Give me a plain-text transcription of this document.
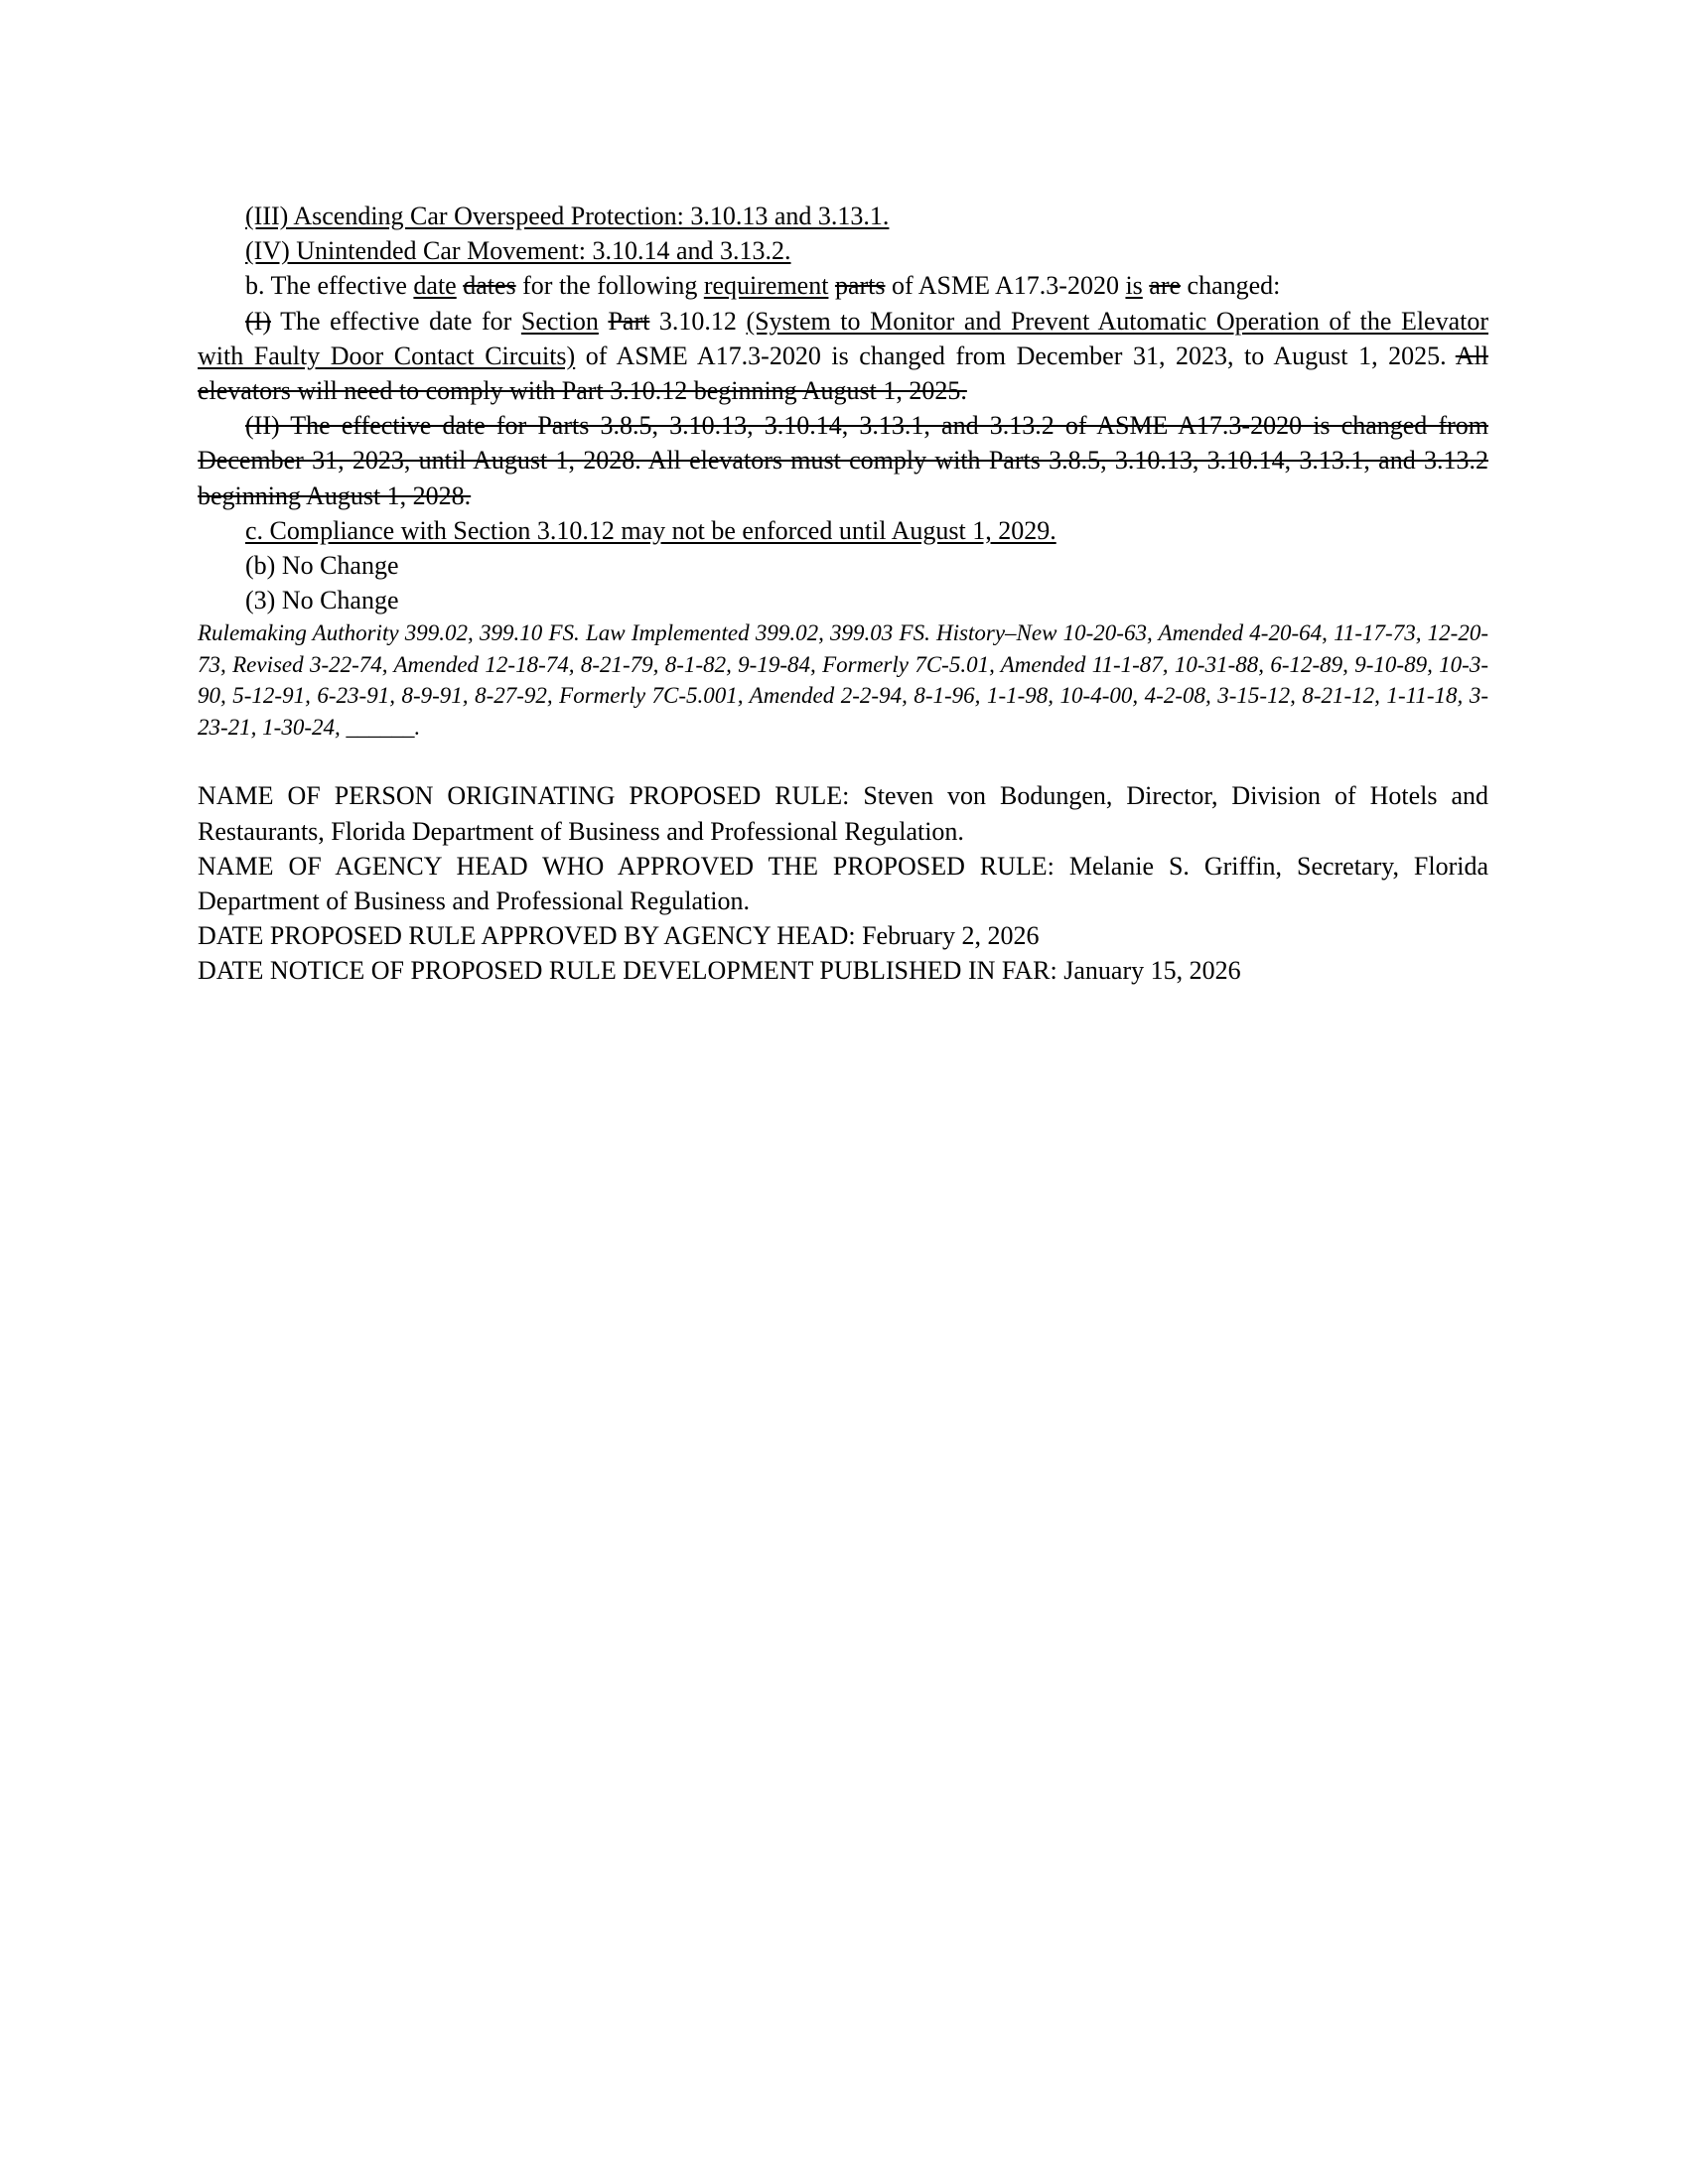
(III) Ascending Car Overspeed Protection: 3.10.13 and 3.13.1.
(IV) Unintended Car Movement: 3.10.14 and 3.13.2.
b. The effective date dates for the following requirement parts of ASME A17.3-2020 is are changed:
(I) The effective date for Section Part 3.10.12 (System to Monitor and Prevent Automatic Operation of the Elevator with Faulty Door Contact Circuits) of ASME A17.3-2020 is changed from December 31, 2023, to August 1, 2025. All elevators will need to comply with Part 3.10.12 beginning August 1, 2025.
(II) The effective date for Parts 3.8.5, 3.10.13, 3.10.14, 3.13.1, and 3.13.2 of ASME A17.3-2020 is changed from December 31, 2023, until August 1, 2028. All elevators must comply with Parts 3.8.5, 3.10.13, 3.10.14, 3.13.1, and 3.13.2 beginning August 1, 2028.
c. Compliance with Section 3.10.12 may not be enforced until August 1, 2029.
(b) No Change
(3) No Change
Rulemaking Authority 399.02, 399.10 FS. Law Implemented 399.02, 399.03 FS. History–New 10-20-63, Amended 4-20-64, 11-17-73, 12-20-73, Revised 3-22-74, Amended 12-18-74, 8-21-79, 8-1-82, 9-19-84, Formerly 7C-5.01, Amended 11-1-87, 10-31-88, 6-12-89, 9-10-89, 10-3-90, 5-12-91, 6-23-91, 8-9-91, 8-27-92, Formerly 7C-5.001, Amended 2-2-94, 8-1-96, 1-1-98, 10-4-00, 4-2-08, 3-15-12, 8-21-12, 1-11-18, 3-23-21, 1-30-24, ______.
NAME OF PERSON ORIGINATING PROPOSED RULE: Steven von Bodungen, Director, Division of Hotels and Restaurants, Florida Department of Business and Professional Regulation.
NAME OF AGENCY HEAD WHO APPROVED THE PROPOSED RULE: Melanie S. Griffin, Secretary, Florida Department of Business and Professional Regulation.
DATE PROPOSED RULE APPROVED BY AGENCY HEAD: February 2, 2026
DATE NOTICE OF PROPOSED RULE DEVELOPMENT PUBLISHED IN FAR: January 15, 2026
